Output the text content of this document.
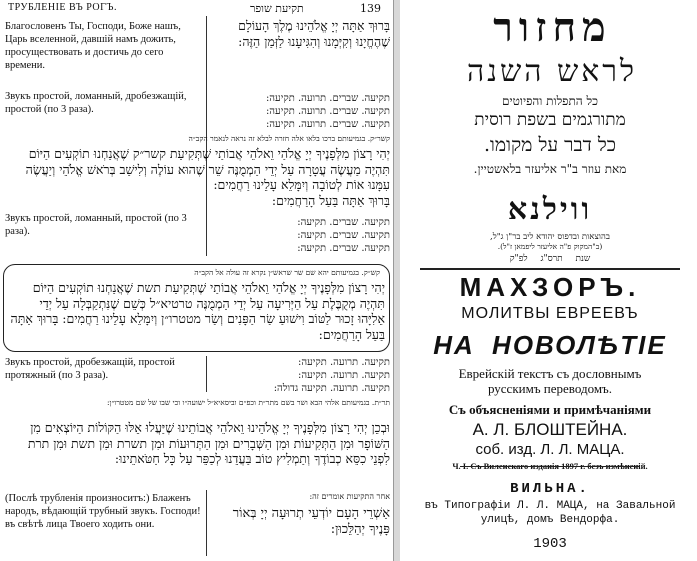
ТРУБЛЕНІЕ ВЪ РОГЪ.	תקיעת שופר	139
Благословенъ Ты, Господи, Боже нашъ, Царь вселенной, давшій намъ дожить, просуществовать и достичь до сего времени.
בָּרוּךְ אַתָּה יְיָ אֱלֹהֵינוּ מֶלֶךְ הָעוֹלָם שֶׁהֶחֱיָנוּ וְקִיְּמָנוּ וְהִגִּיעָנוּ לַזְּמַן הַזֶּה:
Звукъ простой, ломанный, дробезжащій, простой (по 3 раза).
תקיעה. שברים. תרועה. תקיעה:
תקיעה. שברים. תרועה. תקיעה:
תקיעה. שברים. תרועה. תקיעה:
קשר״ק. בגמיעותם ברכו בלאו אלה חזרה לבלא זה נראה לנאמר הקב״ה
יְהִי רָצוֹן מִלְּפָנֶיךָ יְיָ אֱלֹהַי וֵאלֹהֵי אֲבוֹתַי שֶׁתְּקִיעַת קשר״ק שֶׁאֲנַחְנוּ תוֹקְעִים הַיּוֹם תִּהְיֶה מַעֲשֶׂה עֲטָרָה עַל יְדֵי הַמְמֻנֶּה שֵׁר שֶׁהוּא עוֹלֶה וְלִישַׁב בְּרֹאשׁ אֱלֹהֵי וְיַעֲשֶׂה עִמָּנוּ אוֹת לְטוֹבָה וְיִמָּלֵא עָלֵינוּ רַחֲמִים:
בָּרוּךְ אַתָּה בַּעַל הָרַחֲמִים:
Звукъ простой, ломанный, простой (по 3 раза).
תקיעה. שברים. תקיעה:
תקיעה. שברים. תקיעה:
תקיעה. שברים. תקיעה:
קש״ק. בגמיעותם יהא שם שר שראש״ן נקרא זה עולה אל הקב״ה
יְהִי רָצוֹן מִלְּפָנֶיךָ יְיָ אֱלֹהַי וֵאלֹהֵי אֲבוֹתַי שֶׁתְּקִיעַת תשת שֶׁאֲנַחְנוּ תוֹקְעִים הַיּוֹם תִּהְיֶה מְקֻבֶּלֶת עַל הַיְּרִיעָה עַל יְדֵי הַמְמֻנֶּה טרטיא״ל כְּשֵׁם שֶׁנִּתְקַבְּלָה עַל יְדֵי אֵלִיָּהוּ זָכוּר לַטּוֹב וִישׁוּעַ שַׂר הַפָּנִים וְשַׂר מטטרו״ן וְיִמָּלֵא עָלֵינוּ רַחֲמִים: בָּרוּךְ אַתָּה בַּעַל הָרַחֲמִים:
Звукъ простой, дробезжащій, простой протяжный (по 3 раза).
תקיעה. תרועה. תקיעה:
תקיעה. תרועה. תקיעה:
תקיעה. תרועה. תקיעה גדולה:
תר״ת. בגמיעותם אלהי הבא ושר בשם מתר״ת וכפ״ם וביסאיא״ל ישועה״ו וכי שבו של שם מטטרו״ן:
וּבְכֵן יְהִי רָצוֹן מִלְּפָנֶיךָ יְיָ אֱלֹהֵינוּ וֵאלֹהֵי אֲבוֹתֵינוּ שֶׁיַּעֲלוּ אֵלּוּ הַקּוֹלוֹת הַיּוֹצְאִים מִן הַשּׁוֹפָר וּמִן הַתְּקִיעוֹת וּמִן הַשְּׁבָרִים וּמִן הַתְּרוּעוֹת וּמִן תשרת וּמִן תשת וּמִן תרת לִפְנֵי כִסֵּא כְבוֹדֶךָ וְתַמְלִיץ טוֹב בַּעֲדֵנוּ לְכַפֵּר עַל כָּל חַטֹּאתֵינוּ:
(Послѣ трубленія произноситъ:) Блаженъ народъ, вѣдающій трубный звукъ. Господи! въ свѣтѣ лица Твоего ходить они.
אחר התקיעות אומרים זה:
אַשְׁרֵי הָעָם יוֹדְעֵי תְרוּעָה יְיָ בְּאוֹר פָּנֶיךָ יְהַלֵּכוּן:
מחזור
לראש השנה
כל התפלות והפיוטים
מתורגמים בשפת רוסית
כל דבר על מקומו.
מאת עוזר ב"ר אליעזר בלאשטיין.
ווילנא
בהוצאות ובדפוס יהודא ליב בר"ן ג"ל,
(ב"המקוק פ"ה אליעזר ליפמאן ז"ל).
שנת תרס"ג לפ"ק
МАХЗОРЪ.
МОЛИТВЫ ЕВРЕЕВЪ
НА НОВОЛѢТІЕ
Еврейскій текстъ съ дословнымъ
русскимъ переводомъ.
Съ объясненіями и примѣчаніями
А. Л. БЛОШТЕЙНА.
соб. изд. Л. Л. МАЦА.
Ч. I. Съ Виленскаго изданія 1897 г. безъ измѣненій.
ВИЛЬНА.
въ Типографіи Л. Л. МАЦА, на Завальной
улицѣ, домъ Вендорфа.
1903
